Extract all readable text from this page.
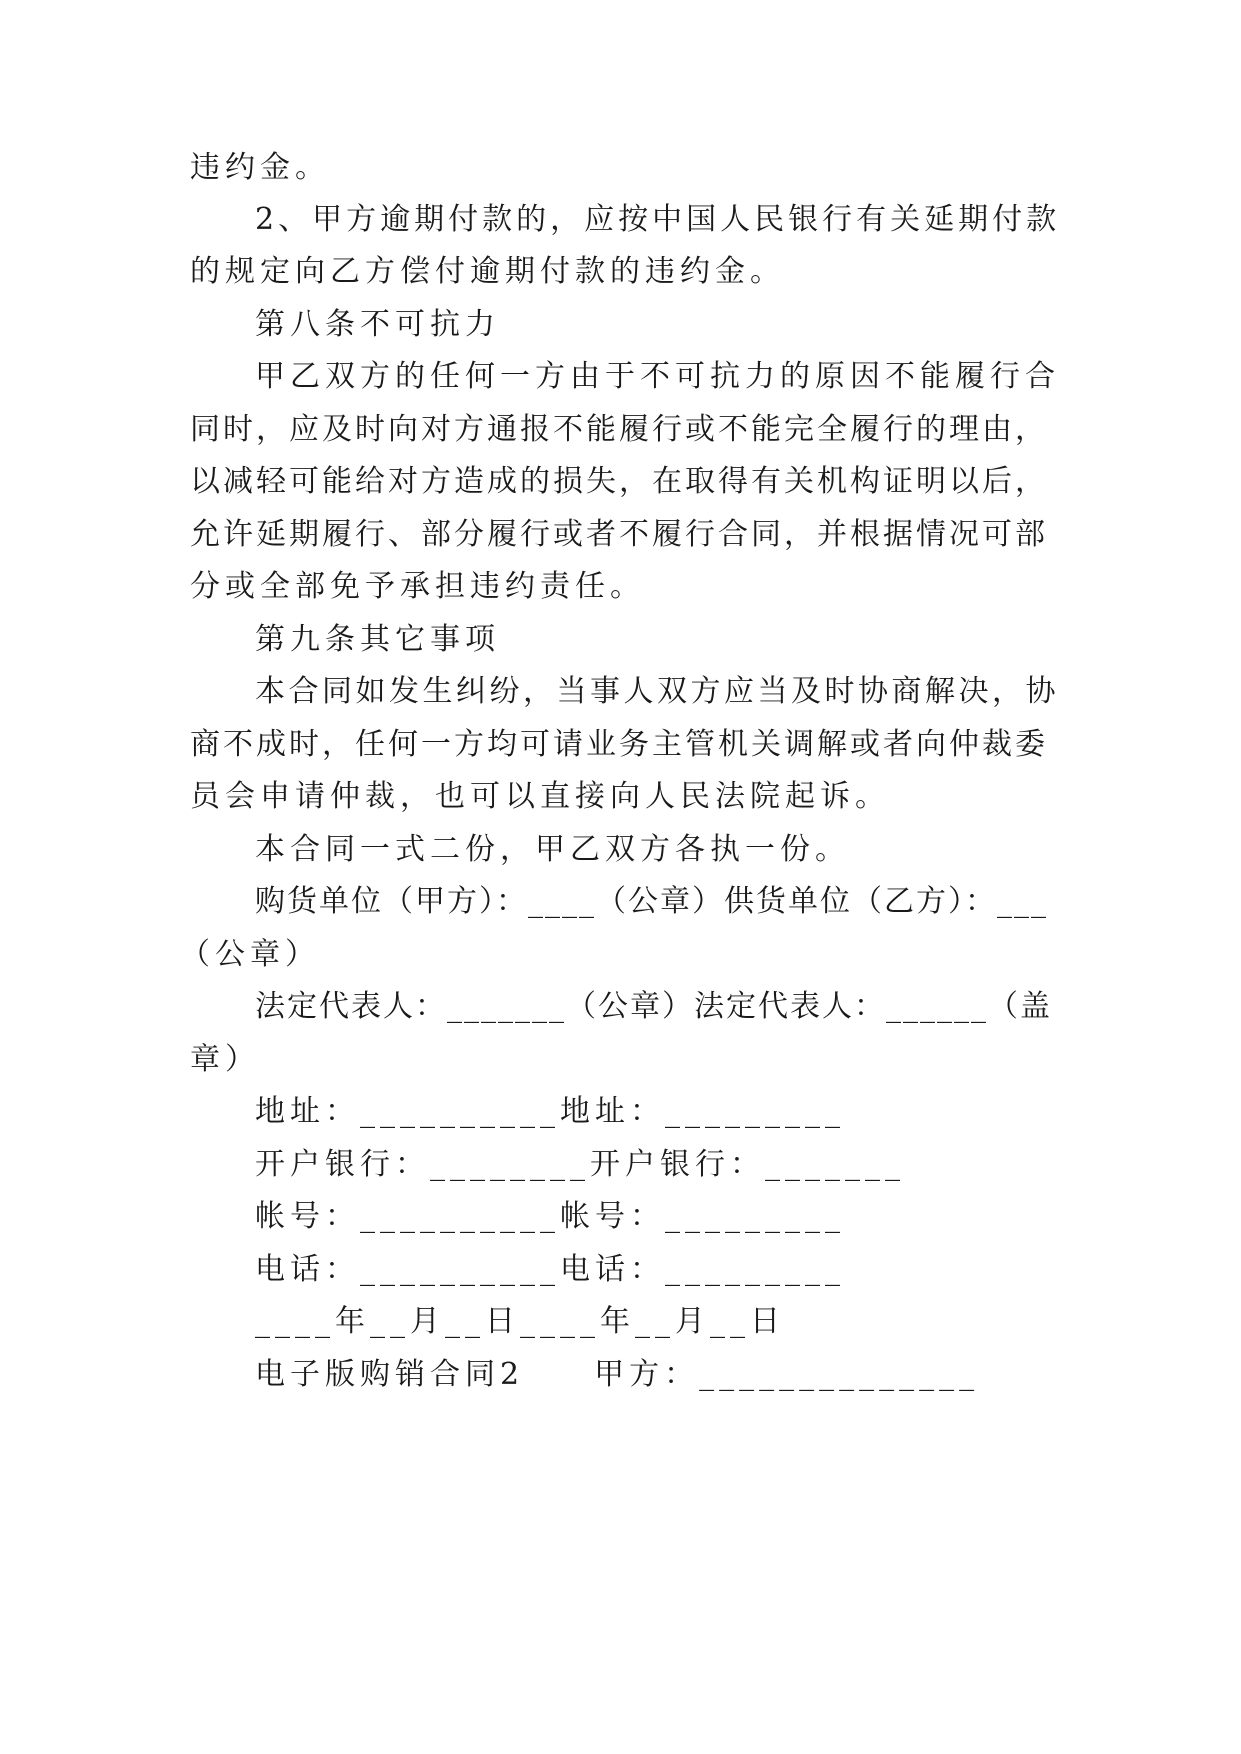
违约金。

2、甲方逾期付款的，应按中国人民银行有关延期付款

的规定向乙方偿付逾期付款的违约金。

第八条不可抗力

甲乙双方的任何一方由于不可抗力的原因不能履行合

同时，应及时向对方通报不能履行或不能完全履行的理由，

以减轻可能给对方造成的损失，在取得有关机构证明以后，

允许延期履行、部分履行或者不履行合同，并根据情况可部

分或全部免予承担违约责任。

第九条其它事项

本合同如发生纠纷，当事人双方应当及时协商解决，协

商不成时，任何一方均可请业务主管机关调解或者向仲裁委

员会申请仲裁，也可以直接向人民法院起诉。

本合同一式二份，甲乙双方各执一份。

购货单位（甲方）：____（公章）供货单位（乙方）：___

（公章）

法定代表人：_______（公章）法定代表人：______（盖

章）

地址：__________地址：_________

开户银行：________开户银行：_______

帐号：__________帐号：_________

电话：__________电话：_________

____年__月__日____年__月__日

电子版购销合同2　　甲方：______________
